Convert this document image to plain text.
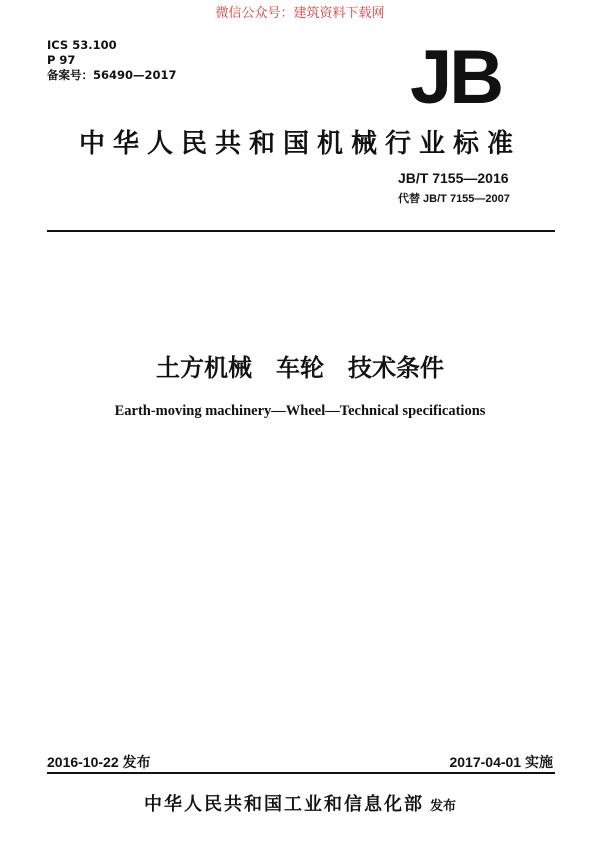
微信公众号：建筑资料下载网
ICS 53.100
P 97
备案号：56490—2017	JB
中华人民共和国机械行业标准
JB/T 7155—2016
代替 JB/T 7155—2007
土方机械　车轮　技术条件
Earth-moving machinery—Wheel—Technical specifications
2016-10-22 发布	2017-04-01 实施
中华人民共和国工业和信息化部 发布
